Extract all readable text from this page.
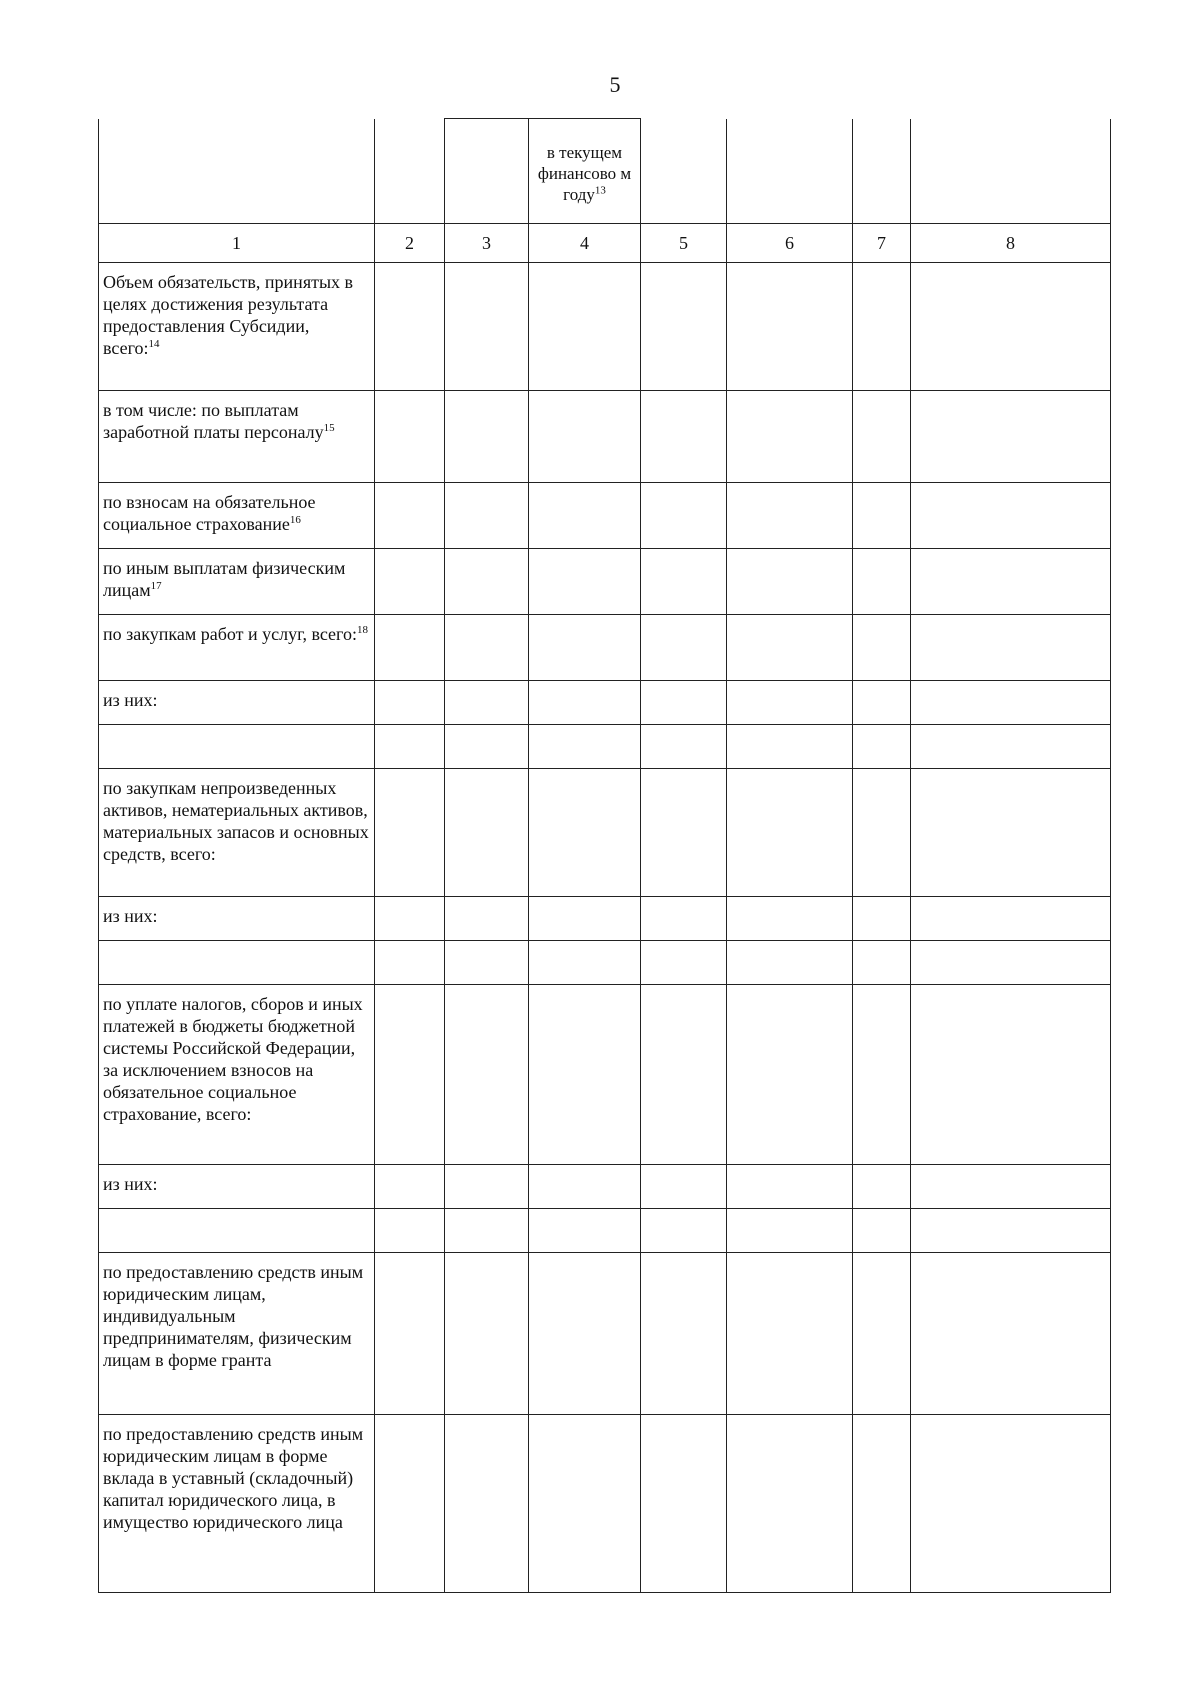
5
			в текущем финансово м году$^{13}$				
1	2	3	4	5	6	7	8
Объем обязательств, принятых в целях достижения результата предоставления Субсидии, всего:$^{14}$							
в том числе: по выплатам заработной платы персоналу$^{15}$							
по взносам на обязательное социальное страхование$^{16}$							
по иным выплатам физическим лицам$^{17}$							
по закупкам работ и услуг, всего:$^{18}$							
из них:							

по закупкам непроизведенных активов, нематериальных активов, материальных запасов и основных средств, всего:							
из них:							

по уплате налогов, сборов и иных платежей в бюджеты бюджетной системы Российской Федерации, за исключением взносов на обязательное социальное страхование, всего:							
из них:							

по предоставлению средств иным юридическим лицам, индивидуальным предпринимателям, физическим лицам в форме гранта							
по предоставлению средств иным юридическим лицам в форме вклада в уставный (складочный) капитал юридического лица, в имущество юридического лица							
